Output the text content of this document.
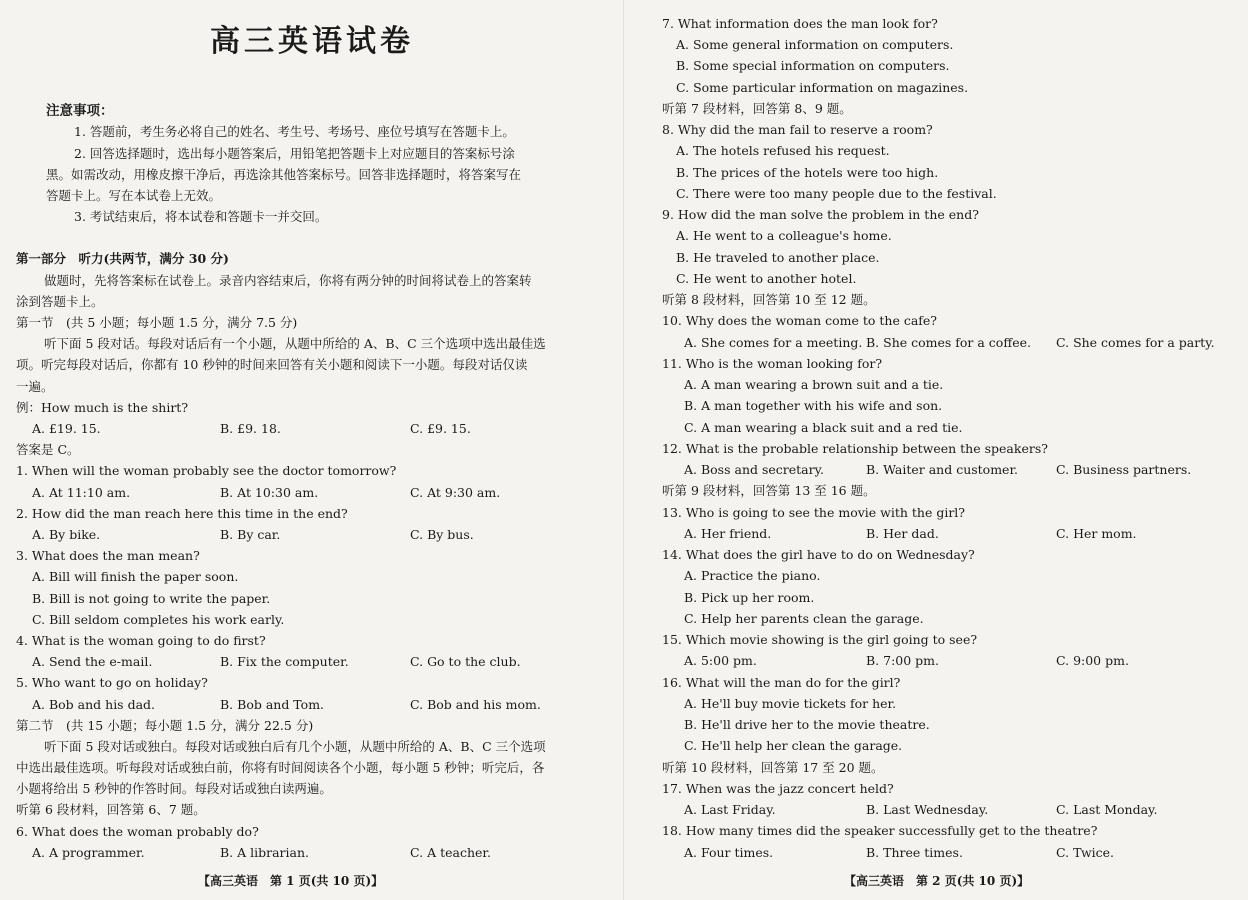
高三英语试卷

注意事项：

1. 答题前，考生务必将自己的姓名、考生号、考场号、座位号填写在答题卡上。

2. 回答选择题时，选出每小题答案后，用铅笔把答题卡上对应题目的答案标号涂

黑。如需改动，用橡皮擦干净后，再选涂其他答案标号。回答非选择题时，将答案写在

答题卡上。写在本试卷上无效。

3. 考试结束后，将本试卷和答题卡一并交回。

第一部分　听力(共两节，满分 30 分)

做题时，先将答案标在试卷上。录音内容结束后，你将有两分钟的时间将试卷上的答案转

涂到答题卡上。

第一节　(共 5 小题；每小题 1.5 分，满分 7.5 分)

听下面 5 段对话。每段对话后有一个小题，从题中所给的 A、B、C 三个选项中选出最佳选

项。听完每段对话后，你都有 10 秒钟的时间来回答有关小题和阅读下一小题。每段对话仅读

一遍。

例：How much is the shirt?

A. £19. 15.	B. £9. 18.	C. £9. 15.

答案是 C。

1. When will the woman probably see the doctor tomorrow?

A. At 11:10 am.	B. At 10:30 am.	C. At 9:30 am.

2. How did the man reach here this time in the end?

A. By bike.	B. By car.	C. By bus.

3. What does the man mean?

A. Bill will finish the paper soon.

B. Bill is not going to write the paper.

C. Bill seldom completes his work early.

4. What is the woman going to do first?

A. Send the e-mail.	B. Fix the computer.	C. Go to the club.

5. Who want to go on holiday?

A. Bob and his dad.	B. Bob and Tom.	C. Bob and his mom.

第二节　(共 15 小题；每小题 1.5 分，满分 22.5 分)

听下面 5 段对话或独白。每段对话或独白后有几个小题，从题中所给的 A、B、C 三个选项

中选出最佳选项。听每段对话或独白前，你将有时间阅读各个小题，每小题 5 秒钟；听完后，各

小题将给出 5 秒钟的作答时间。每段对话或独白读两遍。

听第 6 段材料，回答第 6、7 题。

6. What does the woman probably do?

A. A programmer.	B. A librarian.	C. A teacher.

【高三英语　第 1 页(共 10 页)】

7. What information does the man look for?

A. Some general information on computers.

B. Some special information on computers.

C. Some particular information on magazines.

听第 7 段材料，回答第 8、9 题。

8. Why did the man fail to reserve a room?

A. The hotels refused his request.

B. The prices of the hotels were too high.

C. There were too many people due to the festival.

9. How did the man solve the problem in the end?

A. He went to a colleague's home.

B. He traveled to another place.

C. He went to another hotel.

听第 8 段材料，回答第 10 至 12 题。

10. Why does the woman come to the cafe?

A. She comes for a meeting. B. She comes for a coffee. C. She comes for a party.

11. Who is the woman looking for?

A. A man wearing a brown suit and a tie.

B. A man together with his wife and son.

C. A man wearing a black suit and a red tie.

12. What is the probable relationship between the speakers?

A. Boss and secretary.	B. Waiter and customer.	C. Business partners.

听第 9 段材料，回答第 13 至 16 题。

13. Who is going to see the movie with the girl?

A. Her friend.	B. Her dad.	C. Her mom.

14. What does the girl have to do on Wednesday?

A. Practice the piano.

B. Pick up her room.

C. Help her parents clean the garage.

15. Which movie showing is the girl going to see?

A. 5:00 pm.	B. 7:00 pm.	C. 9:00 pm.

16. What will the man do for the girl?

A. He'll buy movie tickets for her.

B. He'll drive her to the movie theatre.

C. He'll help her clean the garage.

听第 10 段材料，回答第 17 至 20 题。

17. When was the jazz concert held?

A. Last Friday.	B. Last Wednesday.	C. Last Monday.

18. How many times did the speaker successfully get to the theatre?

A. Four times.	B. Three times.	C. Twice.

【高三英语　第 2 页(共 10 页)】
